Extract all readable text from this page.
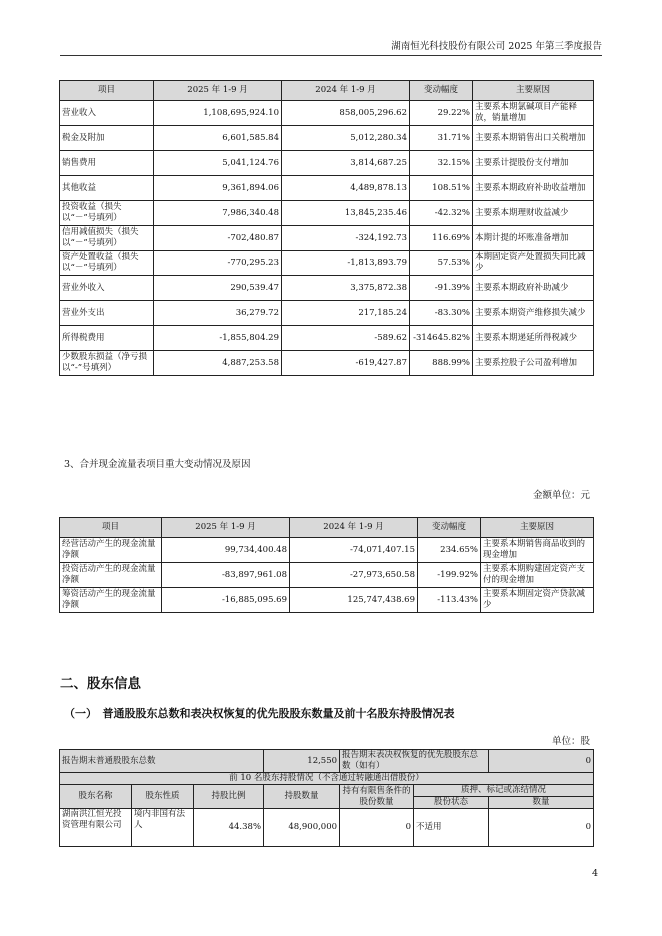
湖南恒光科技股份有限公司 2025 年第三季度报告
项目	2025 年 1-9 月	2024 年 1-9 月	变动幅度	主要原因
营业收入	1,108,695,924.10	858,005,296.62	29.22%	主要系本期氯碱项目产能释放，销量增加
税金及附加	6,601,585.84	5,012,280.34	31.71%	主要系本期销售出口关税增加
销售费用	5,041,124.76	3,814,687.25	32.15%	主要系计提股份支付增加
其他收益	9,361,894.06	4,489,878.13	108.51%	主要系本期政府补助收益增加
投资收益（损失以“－”号填列）	7,986,340.48	13,845,235.46	-42.32%	主要系本期理财收益减少
信用减值损失（损失以“－”号填列）	-702,480.87	-324,192.73	116.69%	本期计提的坏账准备增加
资产处置收益（损失以“－”号填列）	-770,295.23	-1,813,893.79	57.53%	本期固定资产处置损失同比减少
营业外收入	290,539.47	3,375,872.38	-91.39%	主要系本期政府补助减少
营业外支出	36,279.72	217,185.24	-83.30%	主要系本期资产维修损失减少
所得税费用	-1,855,804.29	-589.62	-314645.82%	主要系本期递延所得税减少
少数股东损益（净亏损以“-”号填列）	4,887,253.58	-619,427.87	888.99%	主要系控股子公司盈利增加
3、合并现金流量表项目重大变动情况及原因
金额单位：元
项目	2025 年 1-9 月	2024 年 1-9 月	变动幅度	主要原因
经营活动产生的现金流量净额	99,734,400.48	-74,071,407.15	234.65%	主要系本期销售商品收到的现金增加
投资活动产生的现金流量净额	-83,897,961.08	-27,973,650.58	-199.92%	主要系本期购建固定资产支付的现金增加
筹资活动产生的现金流量净额	-16,885,095.69	125,747,438.69	-113.43%	主要系本期固定资产贷款减少
二、股东信息
（一）　普通股股东总数和表决权恢复的优先股股东数量及前十名股东持股情况表
单位：股
报告期末普通股股东总数			12,550	报告期末表决权恢复的优先股股东总数（如有）		0
前 10 名股东持股情况（不含通过转融通出借股份）						
股东名称	股东性质	持股比例	持股数量	持有有限售条件的股份数量	质押、标记或冻结情况	
					股份状态	数量
湖南洪江恒光投资管理有限公司	境内非国有法人	44.38%	48,900,000	0	不适用	0
4
